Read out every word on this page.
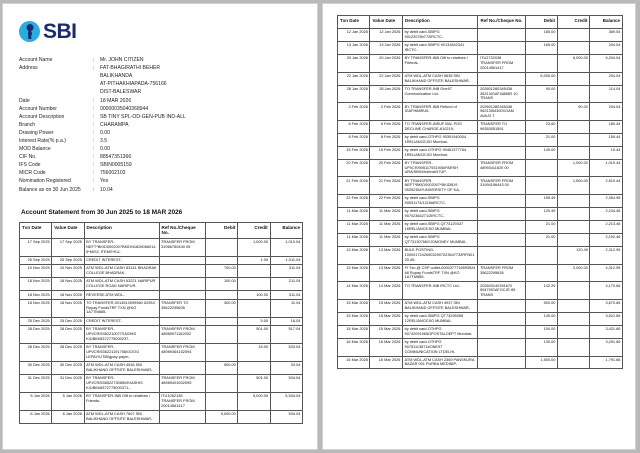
SBI
Account Name	:	Mr. JOHN CITIZEN
Address	:	FAT-BHAGIRATHI BEHER
		BALIKHANDA
		AT-PITHAKHIAPADA-756166
		DIST-BALESWAR
Date	:	18 MAR 2026
Account Number	:	00000035040368944
Account Description	:	SB TINY SPL-OD-GEN-PUB IND-ALL
Branch	:	CHARAMPA
Drawing Power	:	0.00
Interest Rate(% p.a.)	:	3.5
MOD Balance	:	0.00
CIF No.	:	88547351366
IFS Code	:	SBIN0005159
MICR Code	:	756002103
Nomination Registered	:	Yes
Balance as on 30 Jun 2025	:	10.04
Account Statement from 30 Jun 2025 to 18 MAR 2026
Txn Date	Value Date	Description	Ref No./Cheque No.	Debit	Credit	Balance
17 Sep 2025	17 Sep 2025	BY TRANSFER-NEFT*BKID0002007BKIDN18260660145*MISC ITEMS*KU-	TRANSFER FROM 31966760440 05		1,000.00	1,010.04
25 Sep 2025	25 Sep 2025	CREDIT INTEREST-			1.00	1,011.04
10 Nov 2025	10 Nov 2025	ATM WDL-ATM CASH 83141 BHADRAK COLLEGE BHADRAK-		700.00		311.04
18 Nov 2025	18 Nov 2025	ATM WDL-ATM CASH 63221 NARIPUR COLLEGE ROAD NARIPUR-		100.00		211.04
18 Nov 2025	18 Nov 2025	REVERSE ATM WDL-			100.00	311.04
18 Nov 2025	18 Nov 2025	TO TRANSFER-0014513099560 52954 Rupay FundsTRF TXN @KO 1A7TM885-	TRANSFER TO 35622295635	300.00		11.04
25 Dec 2025	25 Dec 2025	CREDIT INTEREST-			5.00	16.04
28 Dec 2025	28 Dec 2025	BY TRANSFER-UPI/CR/536221007/TIASHIS K/UBIN/8372775000237-	TRANSFER FROM 48989971162002		501.00	517.04
28 Dec 2025	28 Dec 2025	BY TRANSFER-UPI/CR/536221191756/GOOG LEPAY/UTIB/gpay-paym-	TRANSFER FROM 48989364152094		16.00	533.04
30 Dec 2025	30 Dec 2025	ATM WDL-ATM CASH 4518 SBI BALIKHAND OFFSITE BALESHWAR-		500.00		33.04
31 Dec 2025	31 Dec 2025	BY TRANSFER-UPI/CR/536522730650/KIASHIS K/UBIN/8372775000371-	TRANSFER FROM 48989401502095		501.00	534.04
5 Jan 2026	5 Jan 2026	BY TRANSFER-INB Gift to relatives / Friends-	ITU1062136 TRANSFER FROM 20014561417		5,000.00	5,534.04
6 Jan 2026	6 Jan 2026	ATM WDL-ATM CASH 7607 SBI BALIKHAND OFFSITE BALESHWAR-		5,000.00		534.04
Txn Date	Value Date	Description	Ref No./Cheque No.	Debit	Credit	Balance
12 Jan 2026	12 Jan 2026	by debit card-SBIPG 90122078h772IRCTC-		165.00		369.04
13 Jan 2026	13 Jan 2026	by debit card-SBIPG 90131842341 IRCTC-		165.00		204.04
20 Jan 2026	20 Jan 2026	BY TRANSFER-INB Gift to relatives / Friends-	ITU2732038 TRANSFER FROM 20014561417		6,000.00	6,204.04
22 Jan 2026	22 Jan 2026	ATM WDL-ATM CASH 5635 SBI BALIKHAND OFFSITE BALESHWAR-		6,000.00		204.04
28 Jan 2026	28 Jan 2026	TO TRANSFER-INB One97 Communication Ltd-	202601280345436 36213IGAFI4868R 10 TRANS	90.00		114.04
2 Feb 2026	2 Feb 2026	BY TRANSFER-INB Refund of IGAFH88RU5-	202601280345436 96213I54300XGAM AVAJ2 T		90.00	204.04
6 Feb 2026	6 Feb 2026	TO TRANSFER-INSUF BAL POS DECLINE CHARGE-610219-	TRANSFER TO 96353051591	23.60		180.44
8 Feb 2026	8 Feb 2026	by debit card-OTHPG 90391940004 1RELIANCEJIO Mumbai-		21.00		159.44
15 Feb 2026	15 Feb 2026	by debit card-OTHPG 90461377764 1RELIANCEJIO Mumbai-		149.00		10.44
20 Feb 2026	20 Feb 2026	BY TRANSFER-UPI/CR/905117931906/PARSH URA/SBIN/h4rinsk97UP-	TRANSFER FROM 48993411620 00		1,000.00	1,010.44
21 Feb 2026	21 Feb 2026	BY TRANSFER-NEFT*BKID0002007*BKIDB19 05252354*UNIVERSITY OF KA-	TRANSFER FROM 31994196443 00		1,500.00	2,510.44
22 Feb 2026	22 Feb 2026	by debit card-SBIPG 90531174/1215#IRCTC-		155.49		2,354.95
11 Mar 2026	11 Mar 2026	by debit card-SBIPG 90702364271/2IRCTC-		120.49		2,234.46
11 Mar 2026	11 Mar 2026	by debit card-SBIPG QT73129437 16RELIANCEJIO MUMBAI-		21.00		2,213.46
11 Mar 2026	11 Mar 2026	by debit card-SBIPG QT73130766GJOMONEY MUMBAI-		21.00		2,192.46
13 Mar 2026	13 Mar 2026	BULK POSTING-100001724269032907023647732RFN0120.49-			120.49	2,312.95
13 Mar 2026	13 Mar 2026	FI Txn-@ CSP outlet-0000377716593924 68 Rupay FundsTRF TXN @KO 1A7TM885-	TRANSFER FROM 35622295635		2,000.00	4,312.95
14 Mar 2026	14 Mar 2026	TO TRANSFER-INB IRCTC Ltd -	202603140391670 59479IGAFOCJE 85 TRANS	142.29		4,170.66
15 Mar 2026	15 Mar 2026	ATM WDL-ATM CASH 4937 SBI BALIKHAND OFFSITE BALESHWAR-		500.00		3,670.66
15 Mar 2026	15 Mar 2026	by debit card-SBIPG QT73295055 12RELIANCEJIO MUMBAI-		149.00		3,521.66
15 Mar 2026	15 Mar 2026	by debit card-OTHPG 90742091965OPOSTALDEPT Mumbai-		100.00		3,421.66
16 Mar 2026	16 Mar 2026	by debit card-OTHPG 90751113871#ONE97 COMMUNICATION LTDELHI-		130.00		3,291.66
16 Mar 2026	16 Mar 2026	ATM WDL-ATM CASH 2369 PANSKURA BAZAR 001 PURBA MEDINIP-		1,500.00		1,791.66
